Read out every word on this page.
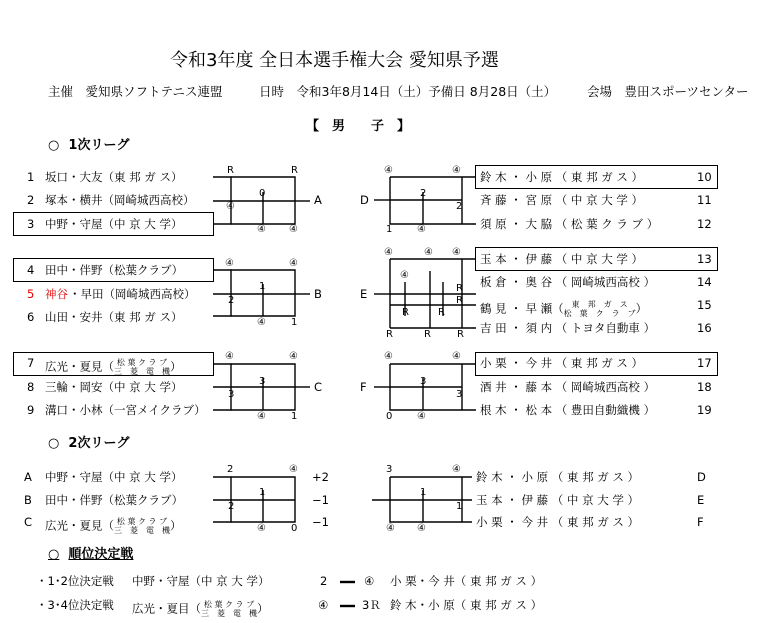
令和3年度 全日本選手権大会 愛知県予選
主催　愛知県ソフトテニス連盟	日時　令和3年8月14日（土）予備日 8月28日（土） 会場　豊田スポーツセンター
【　男　　子　】
○ 1次リーグ
○ 2次リーグ
○ 順位決定戦
1 坂口・大友（東 邦 ガ ス）
2 塚本・横井（岡崎城西高校）
3 中野・守屋（中 京 大 学）
R	R
0
④
④ ④
A
4 田中・伴野（松葉クラブ）
5 神谷 ・早田（岡崎城西高校）
6 山田・安井（東 邦 ガ ス）
④	④
1
2
④	1
B
7 広光・夏見（ 松 葉 ク ラ ブ
三　菱　電　機）
8 三輪・岡安（中 京 大 学）
9 溝口・小林（一宮メイクラブ）
④	④
3
3
④	1
C
D
鈴 木 ・ 小 原 （ 東 邦 ガ ス ）	10
斉 藤 ・ 宮 原 （ 中 京 大 学 ）	11
須 原 ・ 大 脇 （ 松 葉 ク ラ ブ ）	12
④	④
2
2
1 ④
E
玉 本 ・ 伊 藤 （ 中 京 大 学 ）	13
板 倉 ・ 奥 谷 （ 岡崎城西高校 ）	14
鶴 見 ・ 早 瀬（ 東　邦　ガ　ス
松　葉　ク　ラ　ブ）	15
吉 田 ・ 須 内 （ トヨタ自動車 ）	16
④
④
④ ④
R
R
R	R
R	R	R
F
小 栗 ・ 今 井 （ 東 邦 ガ ス ）	17
酒 井 ・ 藤 本 （ 岡崎城西高校 ）	18
根 木 ・ 松 本 （ 豊田自動織機 ）	19
④	④
3
3
0 ④
A 中野・守屋（中 京 大 学）	+2
B 田中・伴野（松葉クラブ）	−1
C 広光・夏見（ 松 葉 ク ラ ブ
三　菱　電　機）	−1
2	④
1
2
④	0
鈴 木 ・ 小 原 （ 東 邦 ガ ス ）	D
玉 本 ・ 伊 藤 （ 中 京 大 学 ）	E
小 栗 ・ 今 井 （ 東 邦 ガ ス ）	F
3	④
1
1
④ ④
・1･2位決定戦 中野・守屋（中 京 大 学）	2	④ 小 栗・今 井（ 東 邦 ガ ス ）
・3･4位決定戦 広光・夏目（ 松 葉 ク ラ ブ
三　菱　電　機）	④	3Ｒ 鈴 木・小 原（ 東 邦 ガ ス ）
